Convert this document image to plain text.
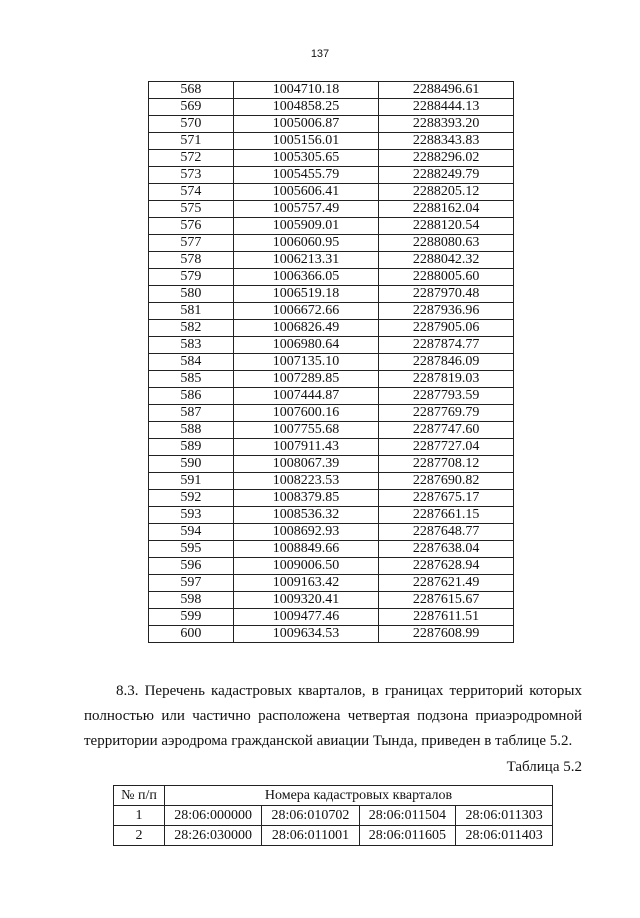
137
568	1004710.18	2288496.61
569	1004858.25	2288444.13
570	1005006.87	2288393.20
571	1005156.01	2288343.83
572	1005305.65	2288296.02
573	1005455.79	2288249.79
574	1005606.41	2288205.12
575	1005757.49	2288162.04
576	1005909.01	2288120.54
577	1006060.95	2288080.63
578	1006213.31	2288042.32
579	1006366.05	2288005.60
580	1006519.18	2287970.48
581	1006672.66	2287936.96
582	1006826.49	2287905.06
583	1006980.64	2287874.77
584	1007135.10	2287846.09
585	1007289.85	2287819.03
586	1007444.87	2287793.59
587	1007600.16	2287769.79
588	1007755.68	2287747.60
589	1007911.43	2287727.04
590	1008067.39	2287708.12
591	1008223.53	2287690.82
592	1008379.85	2287675.17
593	1008536.32	2287661.15
594	1008692.93	2287648.77
595	1008849.66	2287638.04
596	1009006.50	2287628.94
597	1009163.42	2287621.49
598	1009320.41	2287615.67
599	1009477.46	2287611.51
600	1009634.53	2287608.99

8.3. Перечень кадастровых кварталов, в границах территорий которых полностью или частично расположена четвертая подзона приаэродромной территории аэродрома гражданской авиации Тында, приведен в таблице 5.2.

Таблица 5.2
№ п/п	Номера кадастровых кварталов			
1	28:06:000000	28:06:010702	28:06:011504	28:06:011303
2	28:26:030000	28:06:011001	28:06:011605	28:06:011403
